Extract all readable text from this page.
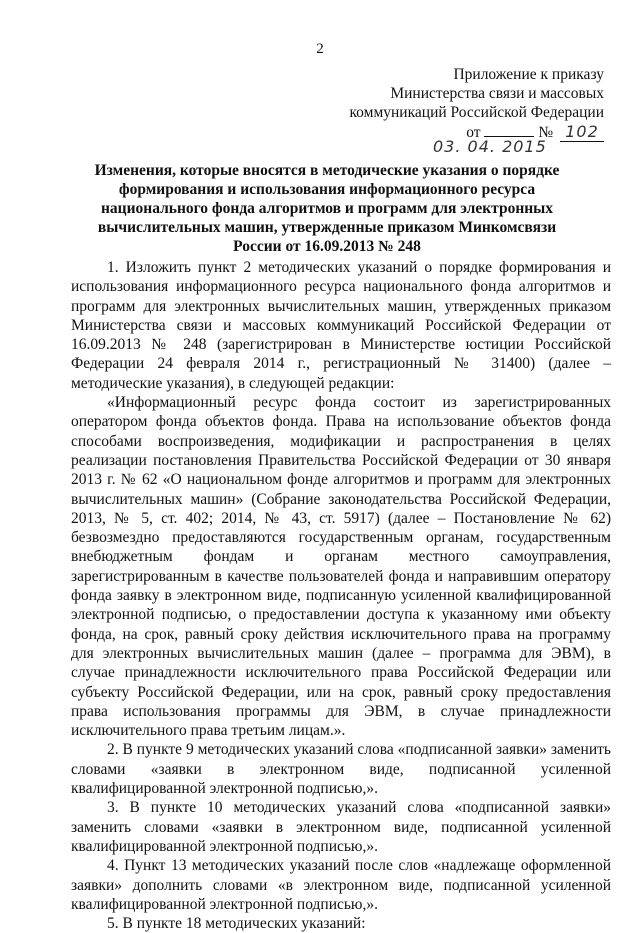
2
Приложение к приказу
Министерства связи и массовых
коммуникаций Российской Федерации
от	№ 102
03. 04. 2015
Изменения, которые вносятся в методические указания о порядке формирования и использования информационного ресурса национального фонда алгоритмов и программ для электронных вычислительных машин, утвержденные приказом Минкомсвязи России от 16.09.2013 № 248

1. Изложить пункт 2 методических указаний о порядке формирования и использования информационного ресурса национального фонда алгоритмов и программ для электронных вычислительных машин, утвержденных приказом Министерства связи и массовых коммуникаций Российской Федерации от 16.09.2013 № 248 (зарегистрирован в Министерстве юстиции Российской Федерации 24 февраля 2014 г., регистрационный № 31400) (далее – методические указания), в следующей редакции:

«Информационный ресурс фонда состоит из зарегистрированных оператором фонда объектов фонда. Права на использование объектов фонда способами воспроизведения, модификации и распространения в целях реализации постановления Правительства Российской Федерации от 30 января 2013 г. № 62 «О национальном фонде алгоритмов и программ для электронных вычислительных машин» (Собрание законодательства Российской Федерации, 2013, № 5, ст. 402; 2014, № 43, ст. 5917) (далее – Постановление № 62) безвозмездно предоставляются государственным органам, государственным внебюджетным фондам и органам местного самоуправления, зарегистрированным в качестве пользователей фонда и направившим оператору фонда заявку в электронном виде, подписанную усиленной квалифицированной электронной подписью, о предоставлении доступа к указанному ими объекту фонда, на срок, равный сроку действия исключительного права на программу для электронных вычислительных машин (далее – программа для ЭВМ), в случае принадлежности исключительного права Российской Федерации или субъекту Российской Федерации, или на срок, равный сроку предоставления права использования программы для ЭВМ, в случае принадлежности исключительного права третьим лицам.».

2. В пункте 9 методических указаний слова «подписанной заявки» заменить словами «заявки в электронном виде, подписанной усиленной квалифицированной электронной подписью,».

3. В пункте 10 методических указаний слова «подписанной заявки» заменить словами «заявки в электронном виде, подписанной усиленной квалифицированной электронной подписью,».

4. Пункт 13 методических указаний после слов «надлежаще оформленной заявки» дополнить словами «в электронном виде, подписанной усиленной квалифицированной электронной подписью,».

5. В пункте 18 методических указаний:
